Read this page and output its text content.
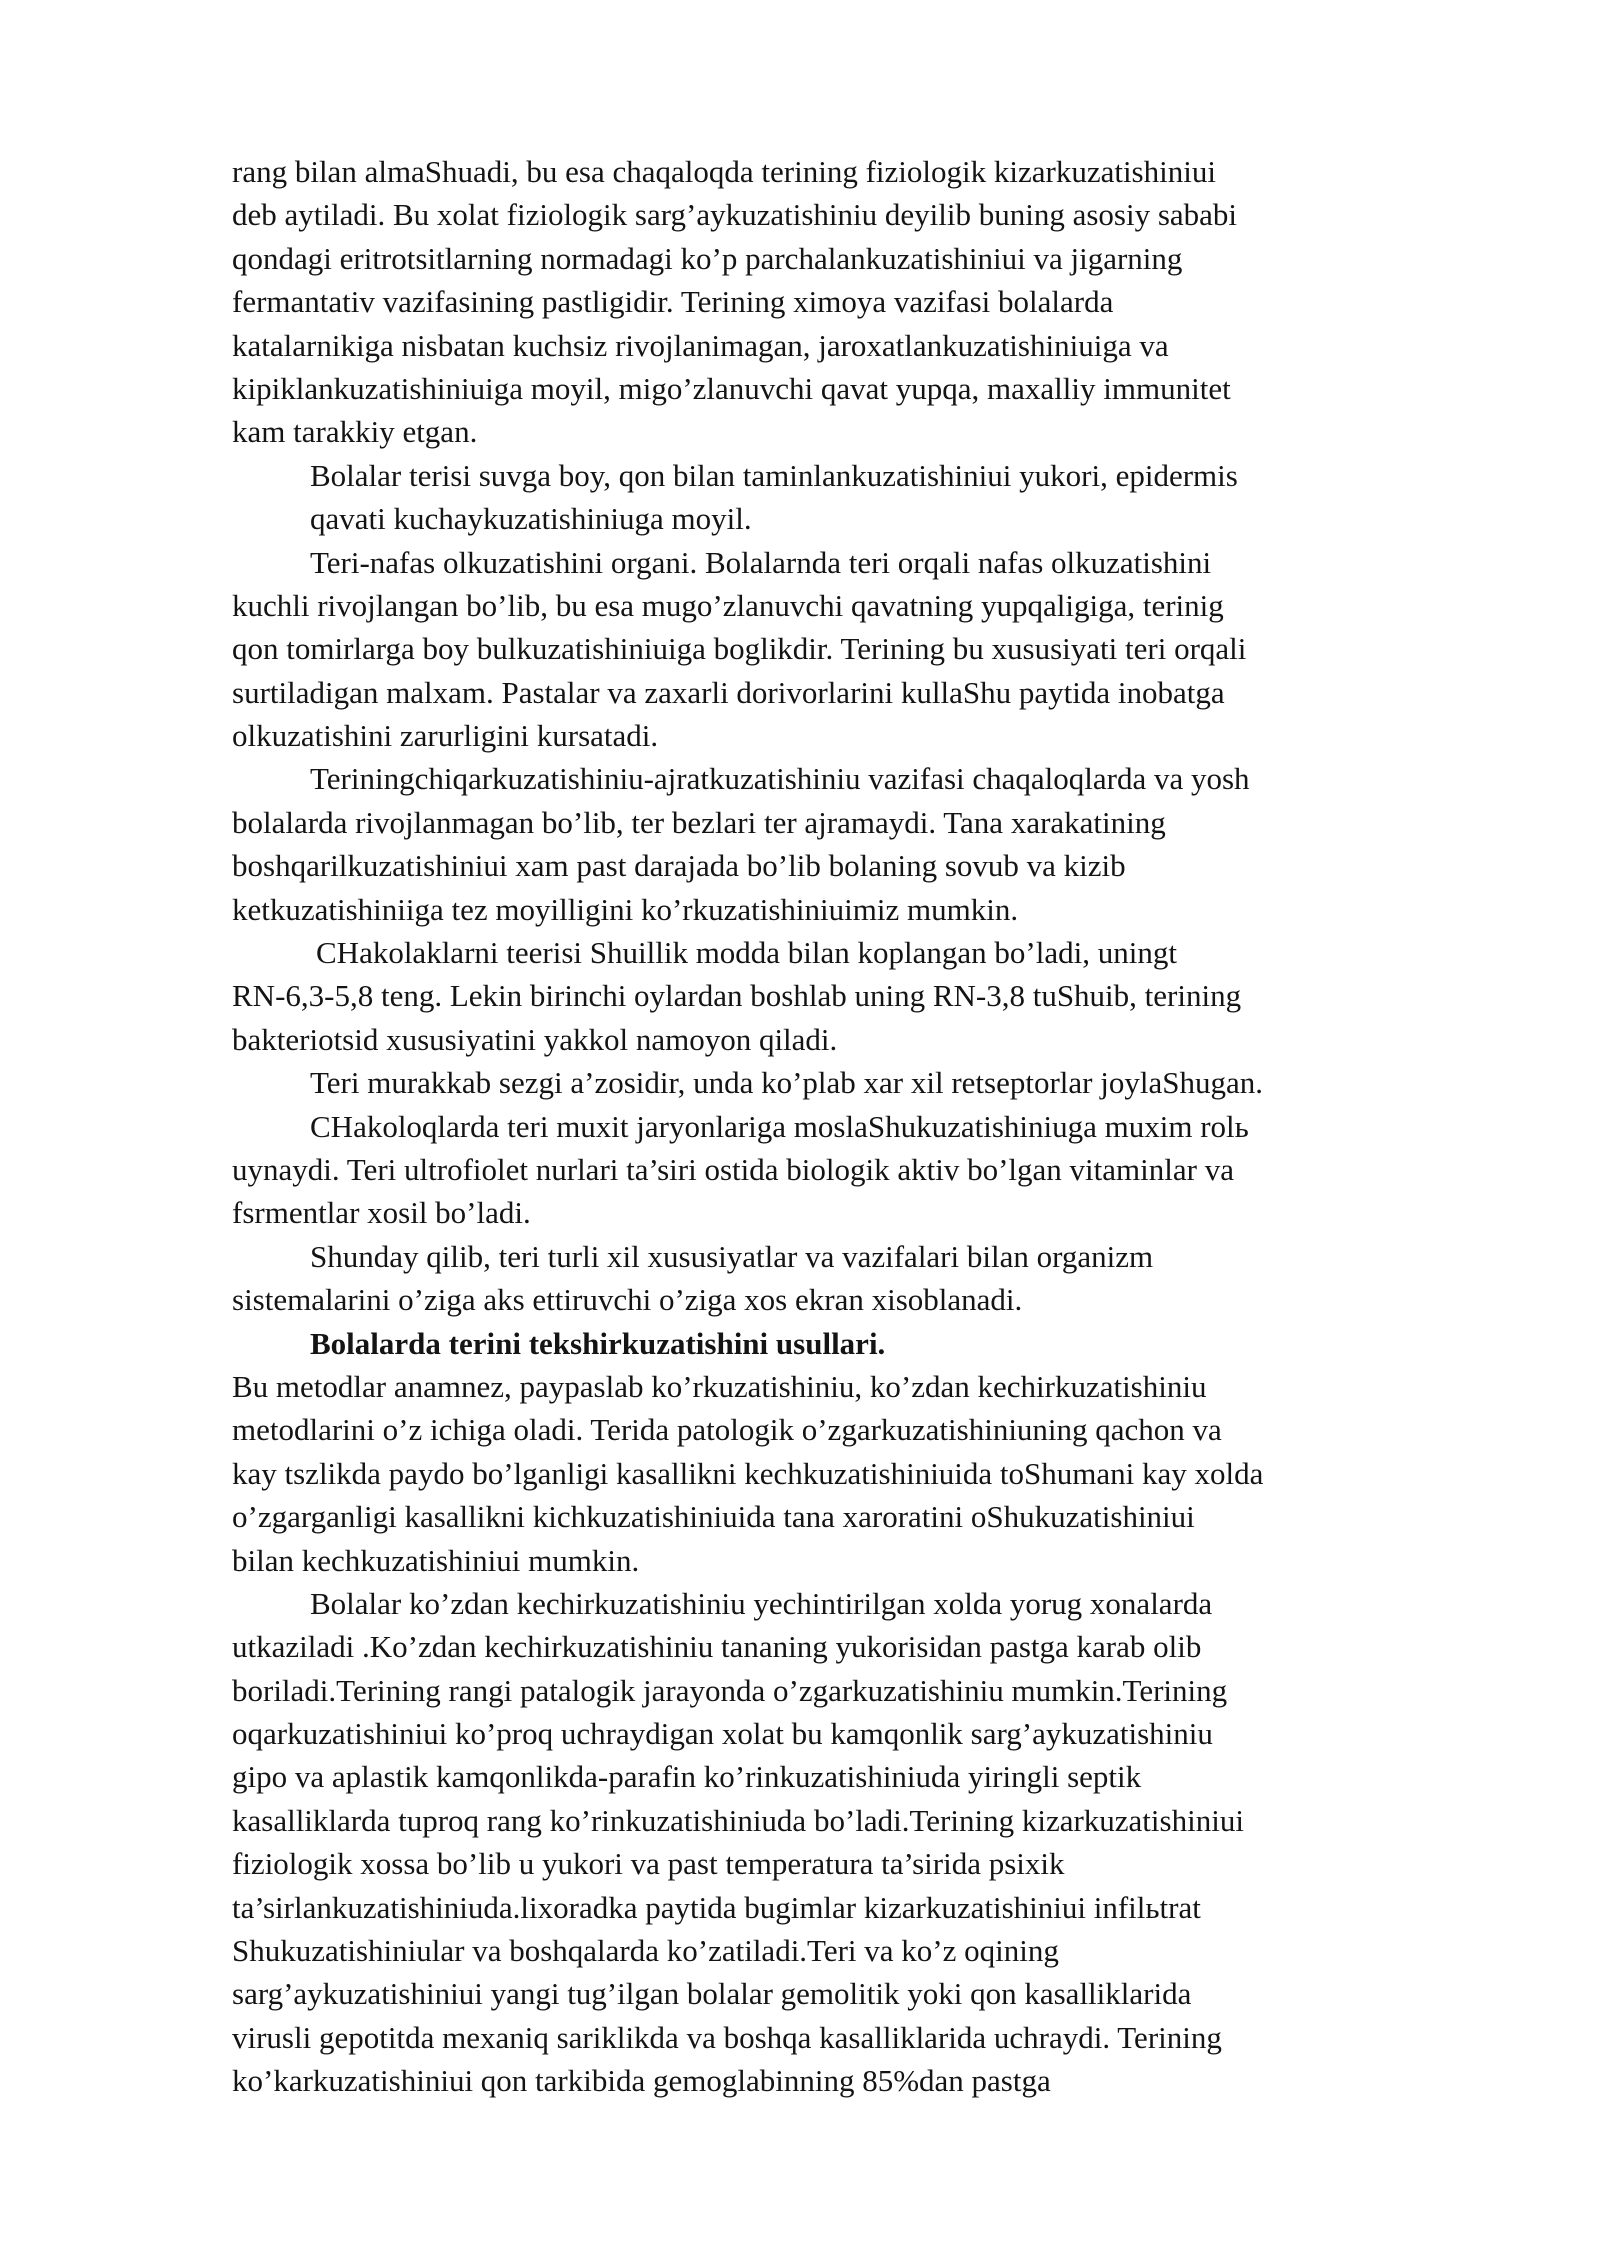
rang bilan almaShuadi, bu esa chaqaloqda terining fiziologik kizarkuzatishiniui
deb aytiladi. Bu xolat fiziologik sarg’aykuzatishiniu deyilib buning asosiy sababi
qondagi eritrotsitlarning normadagi ko’p parchalankuzatishiniui va jigarning
fermantativ vazifasining pastligidir. Terining ximoya vazifasi bolalarda
katalarnikiga nisbatan kuchsiz rivojlanimagan, jaroxatlankuzatishiniuiga va
kipiklankuzatishiniuiga moyil, migo’zlanuvchi qavat yupqa, maxalliy immunitet
kam tarakkiy etgan.
Bolalar terisi suvga boy, qon bilan taminlankuzatishiniui yukori, epidermis
qavati kuchaykuzatishiniuga moyil.
Teri-nafas olkuzatishini organi. Bolalarnda teri orqali nafas olkuzatishini
kuchli rivojlangan bo’lib, bu esa mugo’zlanuvchi qavatning yupqaligiga, terinig
qon tomirlarga boy bulkuzatishiniuiga boglikdir. Terining bu xususiyati teri orqali
surtiladigan malxam. Pastalar va zaxarli dorivorlarini kullaShu paytida inobatga
olkuzatishini zarurligini kursatadi.
Teriningchiqarkuzatishiniu-ajratkuzatishiniu vazifasi chaqaloqlarda va yosh
bolalarda rivojlanmagan bo’lib, ter bezlari ter ajramaydi. Tana xarakatining
boshqarilkuzatishiniui xam past darajada bo’lib bolaning sovub va kizib
ketkuzatishiniiga tez moyilligini ko’rkuzatishiniuimiz mumkin.
CHakolaklarni teerisi Shuillik modda bilan koplangan bo’ladi, uningt
RN-6,3-5,8 teng. Lekin birinchi oylardan boshlab uning RN-3,8 tuShuib, terining
bakteriotsid xususiyatini yakkol namoyon qiladi.
Teri murakkab sezgi a’zosidir, unda ko’plab xar xil retseptorlar joylaShugan.
CHakoloqlarda teri muxit jaryonlariga moslaShukuzatishiniuga muxim rolь
uynaydi. Teri ultrofiolet nurlari ta’siri ostida biologik aktiv bo’lgan vitaminlar va
fsrmentlar xosil bo’ladi.
Shunday qilib, teri turli xil xususiyatlar va vazifalari bilan organizm
sistemalarini o’ziga aks ettiruvchi o’ziga xos ekran xisoblanadi.
Bolalarda terini tekshirkuzatishini usullari.
Bu metodlar anamnez, paypaslab ko’rkuzatishiniu, ko’zdan kechirkuzatishiniu
metodlarini o’z ichiga oladi. Terida patologik o’zgarkuzatishiniuning qachon va
kay tszlikda paydo bo’lganligi kasallikni kechkuzatishiniuida toShumani kay xolda
o’zgarganligi kasallikni kichkuzatishiniuida tana xaroratini oShukuzatishiniui
bilan kechkuzatishiniui mumkin.
Bolalar ko’zdan kechirkuzatishiniu yechintirilgan xolda yorug xonalarda
utkaziladi .Ko’zdan kechirkuzatishiniu tananing yukorisidan pastga karab olib
boriladi.Terining rangi patalogik jarayonda o’zgarkuzatishiniu mumkin.Terining
oqarkuzatishiniui ko’proq uchraydigan xolat bu kamqonlik sarg’aykuzatishiniu
gipo va aplastik kamqonlikda-parafin ko’rinkuzatishiniuda yiringli septik
kasalliklarda tuproq rang ko’rinkuzatishiniuda bo’ladi.Terining kizarkuzatishiniui
fiziologik xossa bo’lib u yukori va past temperatura ta’sirida psixik
ta’sirlankuzatishiniuda.lixoradka paytida bugimlar kizarkuzatishiniui infilьtrat
Shukuzatishiniular va boshqalarda ko’zatiladi.Teri va ko’z oqining
sarg’aykuzatishiniui yangi tug’ilgan bolalar gemolitik yoki qon kasalliklarida
virusli gepotitda mexaniq sariklikda va boshqa kasalliklarida uchraydi. Terining
ko’karkuzatishiniui qon tarkibida gemoglabinning 85%dan pastga
